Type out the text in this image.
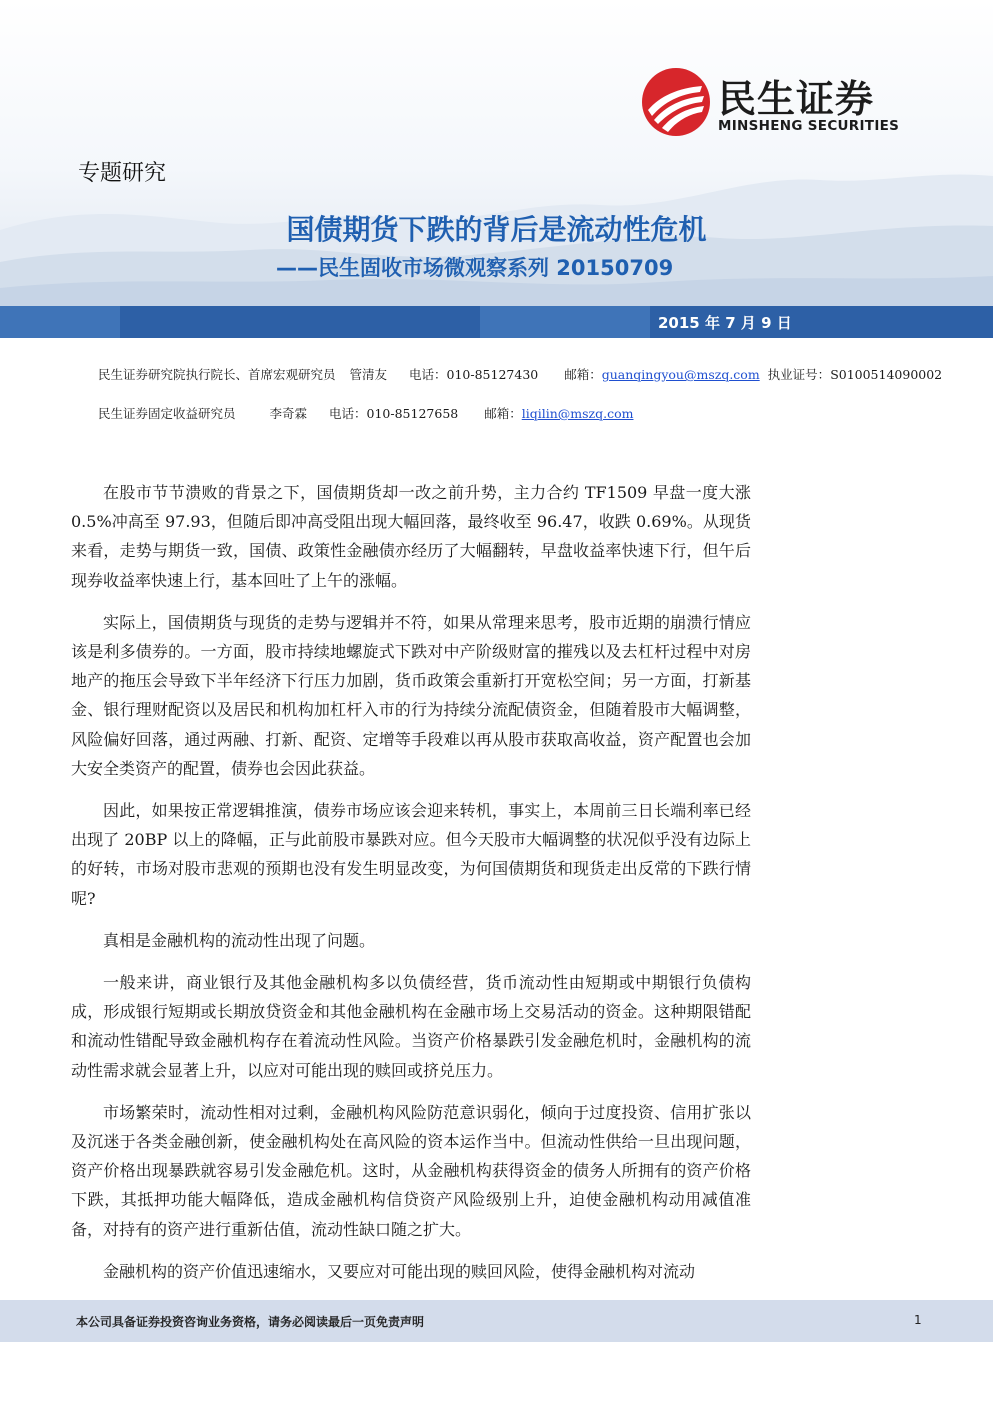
民生证券
MINSHENG SECURITIES
专题研究
国债期货下跌的背后是流动性危机
——民生固收市场微观察系列 20150709
2015 年 7 月 9 日
民生证券研究院执行院长、首席宏观研究员 管清友 电话：010-85127430 邮箱：guanqingyou@mszq.com 执业证号：S0100514090002
民生证券固定收益研究员	李奇霖 电话：010-85127658 邮箱：liqilin@mszq.com

在股市节节溃败的背景之下，国债期货却一改之前升势，主力合约 TF1509 早盘一度大涨 0.5%冲高至 97.93，但随后即冲高受阻出现大幅回落，最终收至 96.47，收跌 0.69%。从现货来看，走势与期货一致，国债、政策性金融债亦经历了大幅翻转，早盘收益率快速下行，但午后现券收益率快速上行，基本回吐了上午的涨幅。

实际上，国债期货与现货的走势与逻辑并不符，如果从常理来思考，股市近期的崩溃行情应该是利多债券的。一方面，股市持续地螺旋式下跌对中产阶级财富的摧残以及去杠杆过程中对房地产的拖压会导致下半年经济下行压力加剧，货币政策会重新打开宽松空间；另一方面，打新基金、银行理财配资以及居民和机构加杠杆入市的行为持续分流配债资金，但随着股市大幅调整，风险偏好回落，通过两融、打新、配资、定增等手段难以再从股市获取高收益，资产配置也会加大安全类资产的配置，债券也会因此获益。

因此，如果按正常逻辑推演，债券市场应该会迎来转机，事实上，本周前三日长端利率已经出现了 20BP 以上的降幅，正与此前股市暴跌对应。但今天股市大幅调整的状况似乎没有边际上的好转，市场对股市悲观的预期也没有发生明显改变，为何国债期货和现货走出反常的下跌行情呢?

真相是金融机构的流动性出现了问题。

一般来讲，商业银行及其他金融机构多以负债经营，货币流动性由短期或中期银行负债构成，形成银行短期或长期放贷资金和其他金融机构在金融市场上交易活动的资金。这种期限错配和流动性错配导致金融机构存在着流动性风险。当资产价格暴跌引发金融危机时，金融机构的流动性需求就会显著上升，以应对可能出现的赎回或挤兑压力。

市场繁荣时，流动性相对过剩，金融机构风险防范意识弱化，倾向于过度投资、信用扩张以及沉迷于各类金融创新，使金融机构处在高风险的资本运作当中。但流动性供给一旦出现问题，资产价格出现暴跌就容易引发金融危机。这时，从金融机构获得资金的债务人所拥有的资产价格下跌，其抵押功能大幅降低，造成金融机构信贷资产风险级别上升，迫使金融机构动用减值准备，对持有的资产进行重新估值，流动性缺口随之扩大。

金融机构的资产价值迅速缩水，又要应对可能出现的赎回风险，使得金融机构对流动

本公司具备证券投资咨询业务资格，请务必阅读最后一页免责声明	1
